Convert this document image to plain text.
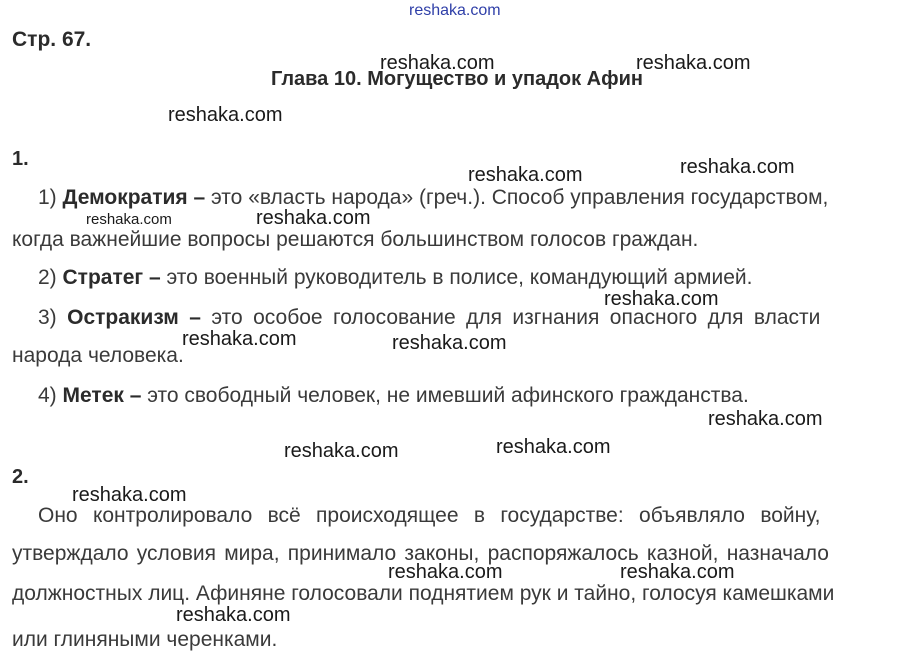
reshaka.com
Стр. 67.
Глава 10. Могущество и упадок Афин
1.
1) Демократия – это «власть народа» (греч.). Способ управления государством,
когда важнейшие вопросы решаются большинством голосов граждан.
2) Стратег – это военный руководитель в полисе, командующий армией.
3) Остракизм – это особое голосование для изгнания опасного для власти
народа человека.
4) Метек – это свободный человек, не имевший афинского гражданства.
2.
Оно контролировало всё происходящее в государстве: объявляло войну,
утверждало условия мира, принимало законы, распоряжалось казной, назначало
должностных лиц. Афиняне голосовали поднятием рук и тайно, голосуя камешками
или глиняными черенками.
reshaka.com	reshaka.com
reshaka.com
reshaka.com	reshaka.com
reshaka.com	reshaka.com
reshaka.com
reshaka.com	reshaka.com
reshaka.com
reshaka.com
reshaka.com
reshaka.com
reshaka.com	reshaka.com
reshaka.com
